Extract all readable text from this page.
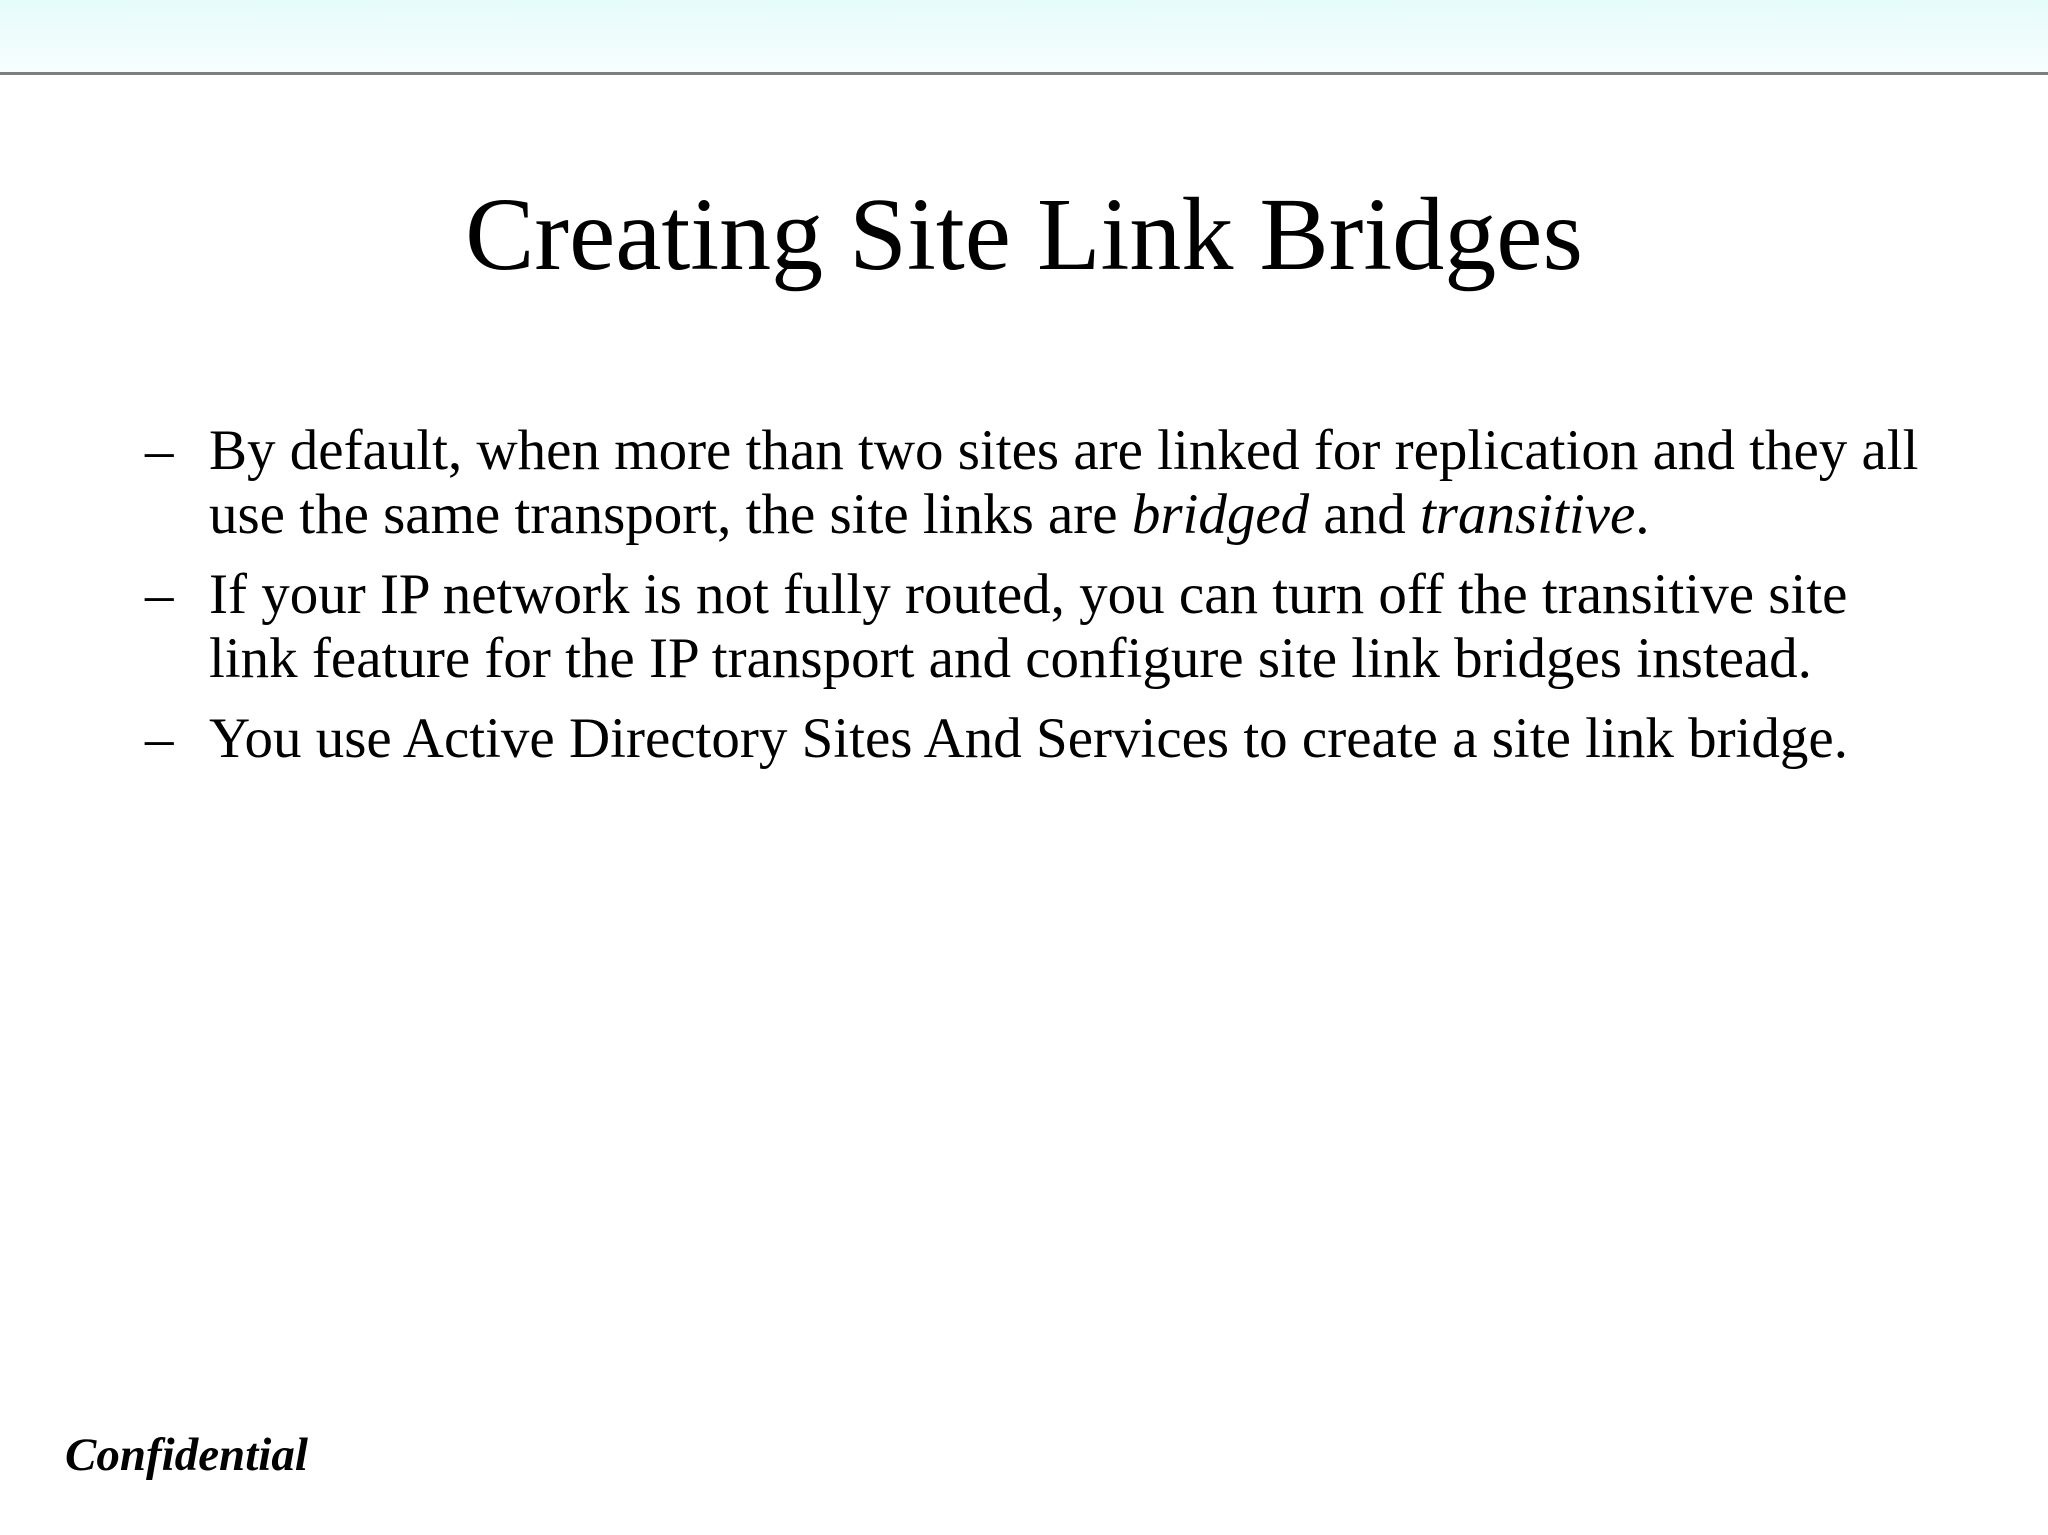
Creating Site Link Bridges
– By default, when more than two sites are linked for replication and they all use the same transport, the site links are bridged and transitive.
– If your IP network is not fully routed, you can turn off the transitive site link feature for the IP transport and configure site link bridges instead.
– You use Active Directory Sites And Services to create a site link bridge.
Confidential
